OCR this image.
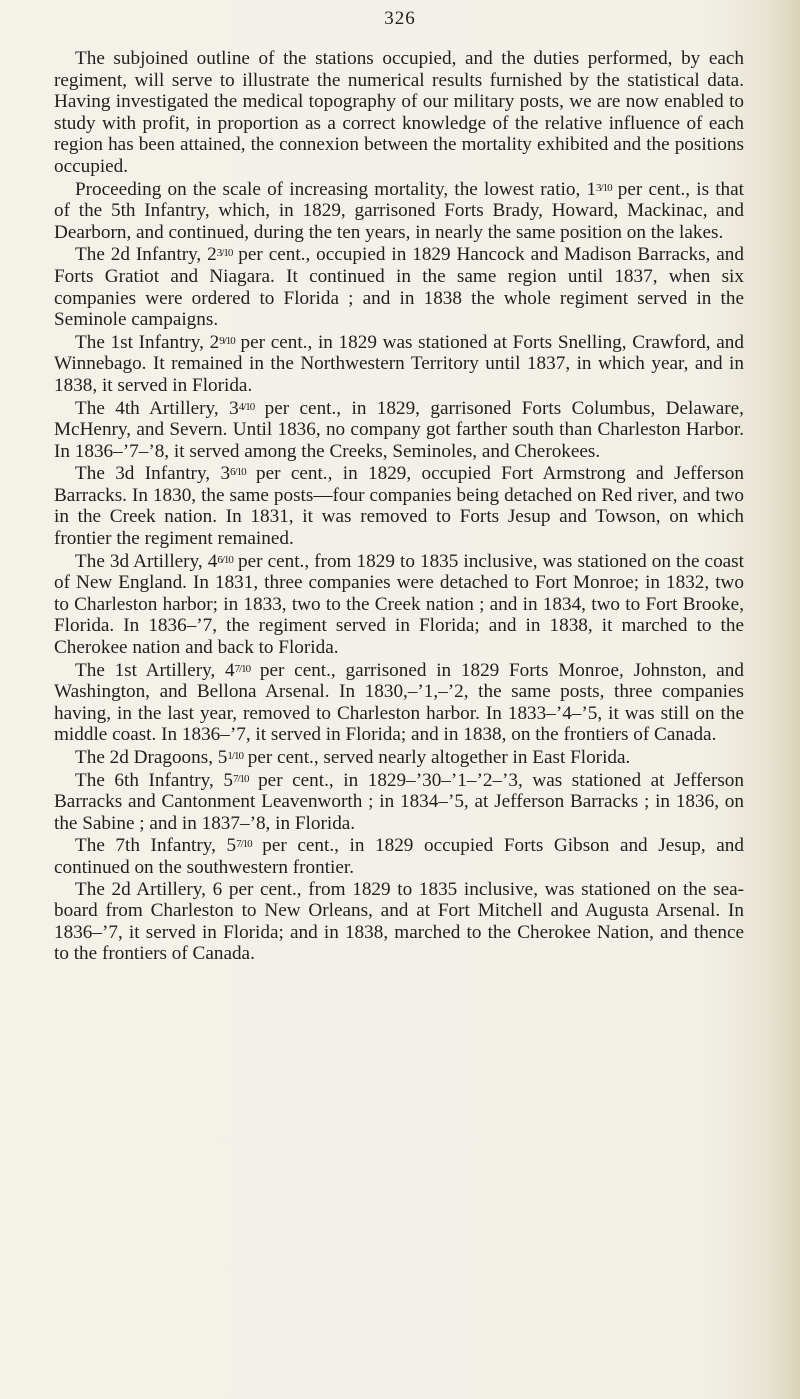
326

The subjoined outline of the stations occupied, and the duties performed, by each regiment, will serve to illustrate the numerical results furnished by the statistical data. Having investigated the medical topography of our military posts, we are now enabled to study with profit, in proportion as a correct knowledge of the relative influence of each region has been attained, the connexion between the mortality exhibited and the positions occupied.

Proceeding on the scale of increasing mortality, the lowest ratio, $1^{3/10}$ per cent., is that of the 5th Infantry, which, in 1829, garrisoned Forts Brady, Howard, Mackinac, and Dearborn, and continued, during the ten years, in nearly the same position on the lakes.

The 2d Infantry, $2^{3/10}$ per cent., occupied in 1829 Hancock and Madison Barracks, and Forts Gratiot and Niagara. It continued in the same region until 1837, when six companies were ordered to Florida ; and in 1838 the whole regiment served in the Seminole campaigns.

The 1st Infantry, $2^{9/10}$ per cent., in 1829 was stationed at Forts Snelling, Crawford, and Winnebago. It remained in the Northwestern Territory until 1837, in which year, and in 1838, it served in Florida.

The 4th Artillery, $3^{4/10}$ per cent., in 1829, garrisoned Forts Columbus, Delaware, McHenry, and Severn. Until 1836, no company got farther south than Charleston Harbor. In 1836–’7–’8, it served among the Creeks, Seminoles, and Cherokees.

The 3d Infantry, $3^{6/10}$ per cent., in 1829, occupied Fort Armstrong and Jefferson Barracks. In 1830, the same posts—four companies being detached on Red river, and two in the Creek nation. In 1831, it was removed to Forts Jesup and Towson, on which frontier the regiment remained.

The 3d Artillery, $4^{6/10}$ per cent., from 1829 to 1835 inclusive, was stationed on the coast of New England. In 1831, three companies were detached to Fort Monroe; in 1832, two to Charleston harbor; in 1833, two to the Creek nation ; and in 1834, two to Fort Brooke, Florida. In 1836–’7, the regiment served in Florida; and in 1838, it marched to the Cherokee nation and back to Florida.

The 1st Artillery, $4^{7/10}$ per cent., garrisoned in 1829 Forts Monroe, Johnston, and Washington, and Bellona Arsenal. In 1830,–’1,–’2, the same posts, three companies having, in the last year, removed to Charleston harbor. In 1833–’4–’5, it was still on the middle coast. In 1836–’7, it served in Florida; and in 1838, on the frontiers of Canada.

The 2d Dragoons, $5^{1/10}$ per cent., served nearly altogether in East Florida.

The 6th Infantry, $5^{7/10}$ per cent., in 1829–’30–’1–’2–’3, was stationed at Jefferson Barracks and Cantonment Leavenworth ; in 1834–’5, at Jefferson Barracks ; in 1836, on the Sabine ; and in 1837–’8, in Florida.

The 7th Infantry, $5^{7/10}$ per cent., in 1829 occupied Forts Gibson and Jesup, and continued on the southwestern frontier.

The 2d Artillery, 6 per cent., from 1829 to 1835 inclusive, was stationed on the sea-board from Charleston to New Orleans, and at Fort Mitchell and Augusta Arsenal. In 1836–’7, it served in Florida; and in 1838, marched to the Cherokee Nation, and thence to the frontiers of Canada.
